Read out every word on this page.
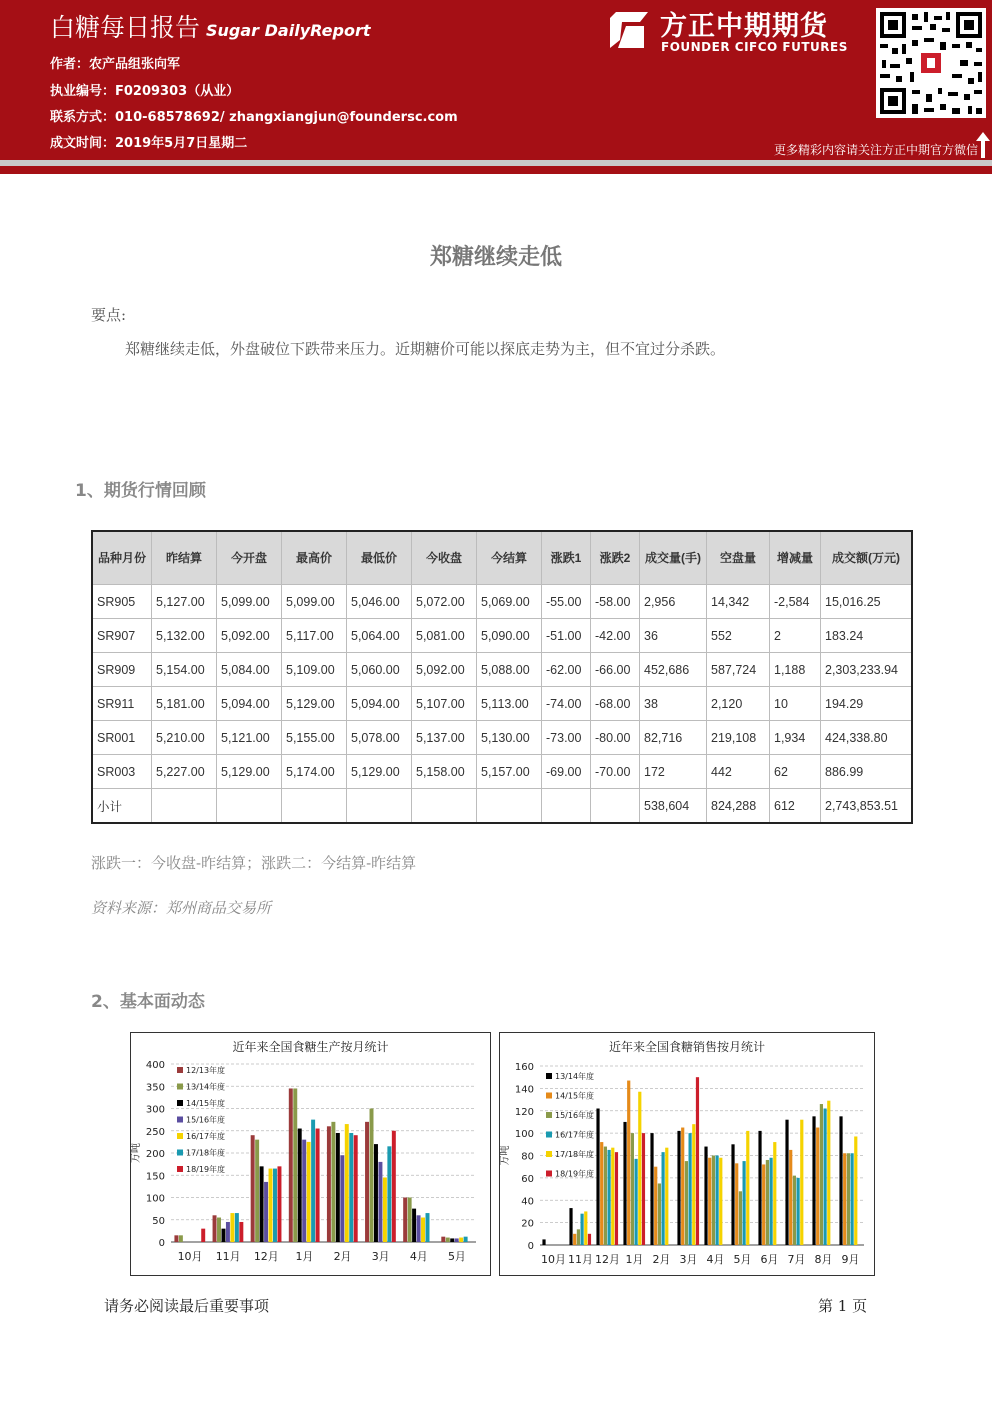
白糖每日报告 Sugar DailyReport
作者：农产品组张向军
执业编号：F0209303（从业）
联系方式：010-68578692/ zhangxiangjun@foundersc.com
成文时间：2019年5月7日星期二
方正中期期货
FOUNDER CIFCO FUTURES
更多精彩内容请关注方正中期官方微信
郑糖继续走低
要点:
郑糖继续走低，外盘破位下跌带来压力。近期糖价可能以探底走势为主，但不宜过分杀跌。
1、期货行情回顾
品种月份	昨结算	今开盘	最高价	最低价	今收盘	今结算	涨跌1	涨跌2	成交量(手)	空盘量	增减量	成交额(万元)
SR905	5,127.00	5,099.00	5,099.00	5,046.00	5,072.00	5,069.00	-55.00	-58.00	2,956	14,342	-2,584	15,016.25
SR907	5,132.00	5,092.00	5,117.00	5,064.00	5,081.00	5,090.00	-51.00	-42.00	36	552	2	183.24
SR909	5,154.00	5,084.00	5,109.00	5,060.00	5,092.00	5,088.00	-62.00	-66.00	452,686	587,724	1,188	2,303,233.94
SR911	5,181.00	5,094.00	5,129.00	5,094.00	5,107.00	5,113.00	-74.00	-68.00	38	2,120	10	194.29
SR001	5,210.00	5,121.00	5,155.00	5,078.00	5,137.00	5,130.00	-73.00	-80.00	82,716	219,108	1,934	424,338.80
SR003	5,227.00	5,129.00	5,174.00	5,129.00	5,158.00	5,157.00	-69.00	-70.00	172	442	62	886.99
小计									538,604	824,288	612	2,743,853.51
涨跌一：今收盘-昨结算；涨跌二：今结算-昨结算
资料来源：郑州商品交易所
2、基本面动态
近年来全国食糖生产按月统计
0
50
100
150
200
250
300
350
400
万吨
10月 11月 12月 1月 2月 3月 4月 5月
12/13年度
13/14年度
14/15年度
15/16年度
16/17年度
17/18年度
18/19年度
近年来全国食糖销售按月统计
0
20
40
60
80
100
120
140
160
万吨
10月 11月 12月 1月 2月 3月 4月 5月 6月 7月 8月 9月
13/14年度
14/15年度
15/16年度
16/17年度
17/18年度
18/19年度
请务必阅读最后重要事项	第 1 页
